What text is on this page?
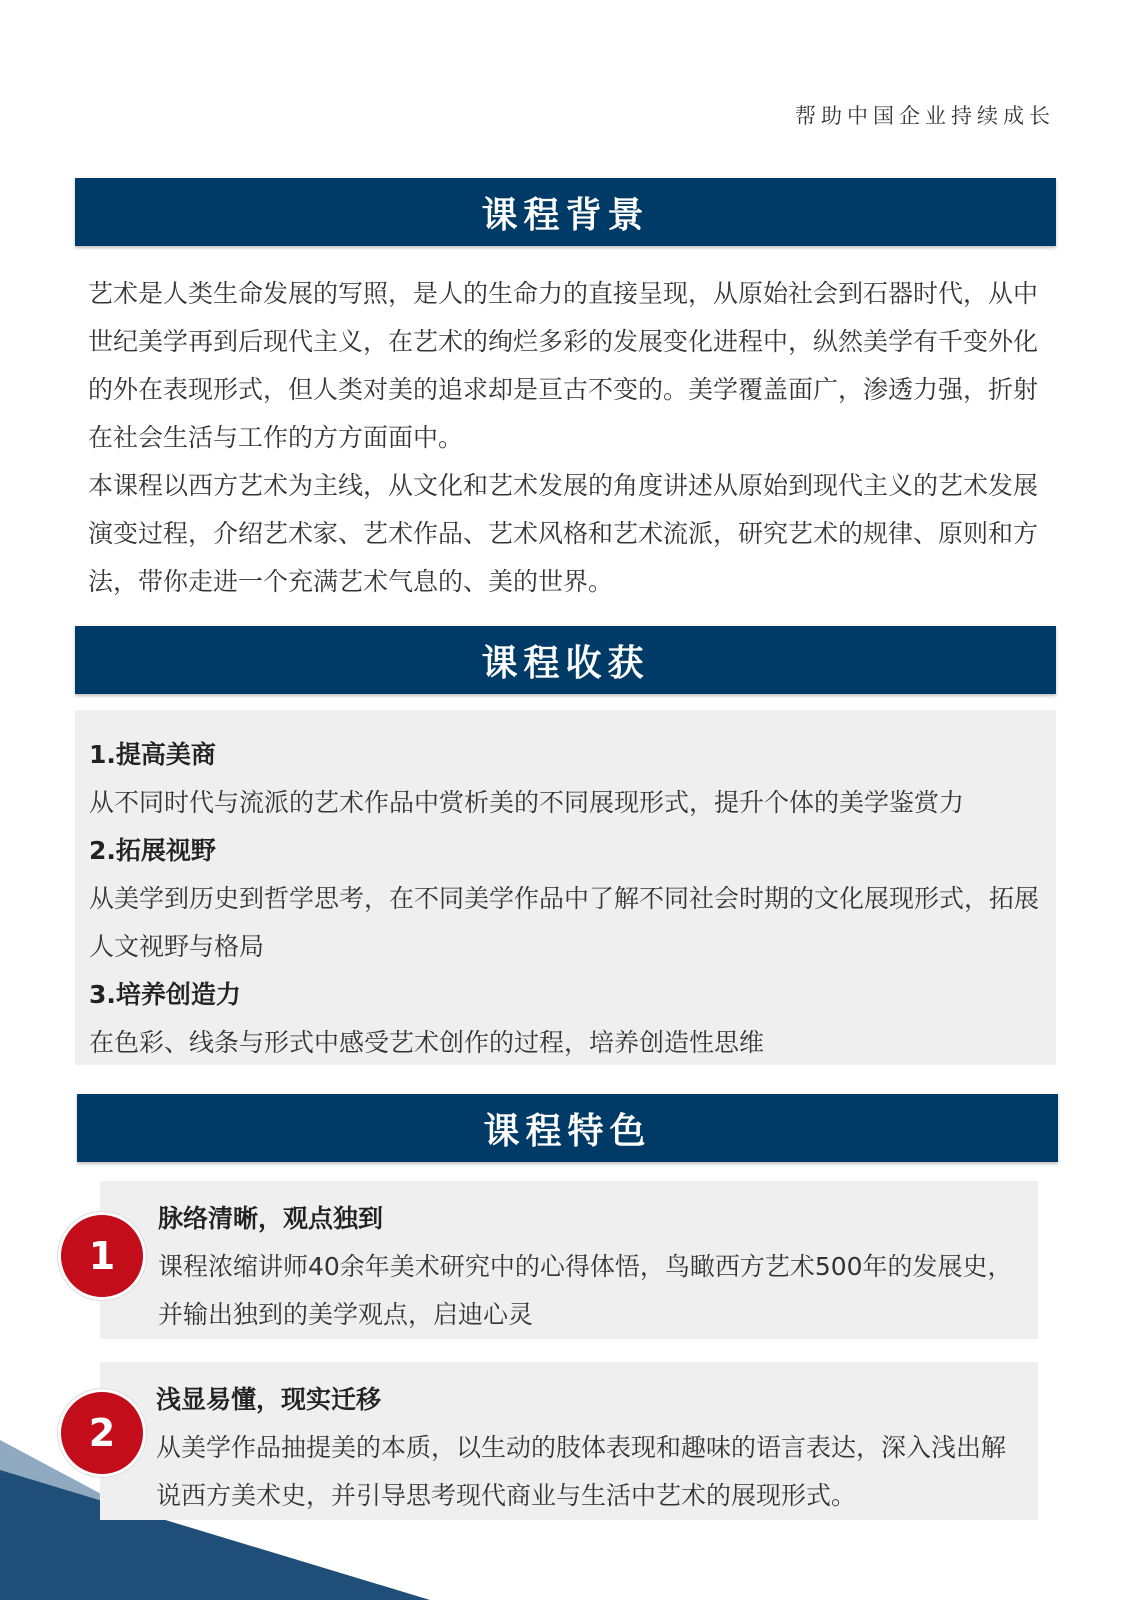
帮助中国企业持续成长
课程背景

艺术是人类生命发展的写照，是人的生命力的直接呈现，从原始社会到石器时代，从中世纪美学再到后现代主义，在艺术的绚烂多彩的发展变化进程中，纵然美学有千变外化的外在表现形式，但人类对美的追求却是亘古不变的。美学覆盖面广，渗透力强，折射在社会生活与工作的方方面面中。

本课程以西方艺术为主线，从文化和艺术发展的角度讲述从原始到现代主义的艺术发展演变过程，介绍艺术家、艺术作品、艺术风格和艺术流派，研究艺术的规律、原则和方法，带你走进一个充满艺术气息的、美的世界。

课程收获
1.提高美商
从不同时代与流派的艺术作品中赏析美的不同展现形式，提升个体的美学鉴赏力
2.拓展视野
从美学到历史到哲学思考，在不同美学作品中了解不同社会时期的文化展现形式，拓展人文视野与格局
3.培养创造力
在色彩、线条与形式中感受艺术创作的过程，培养创造性思维
课程特色
脉络清晰，观点独到
课程浓缩讲师40余年美术研究中的心得体悟，鸟瞰西方艺术500年的发展史，并输出独到的美学观点，启迪心灵
1
浅显易懂，现实迁移
从美学作品抽提美的本质，以生动的肢体表现和趣味的语言表达，深入浅出解说西方美术史，并引导思考现代商业与生活中艺术的展现形式。
2
